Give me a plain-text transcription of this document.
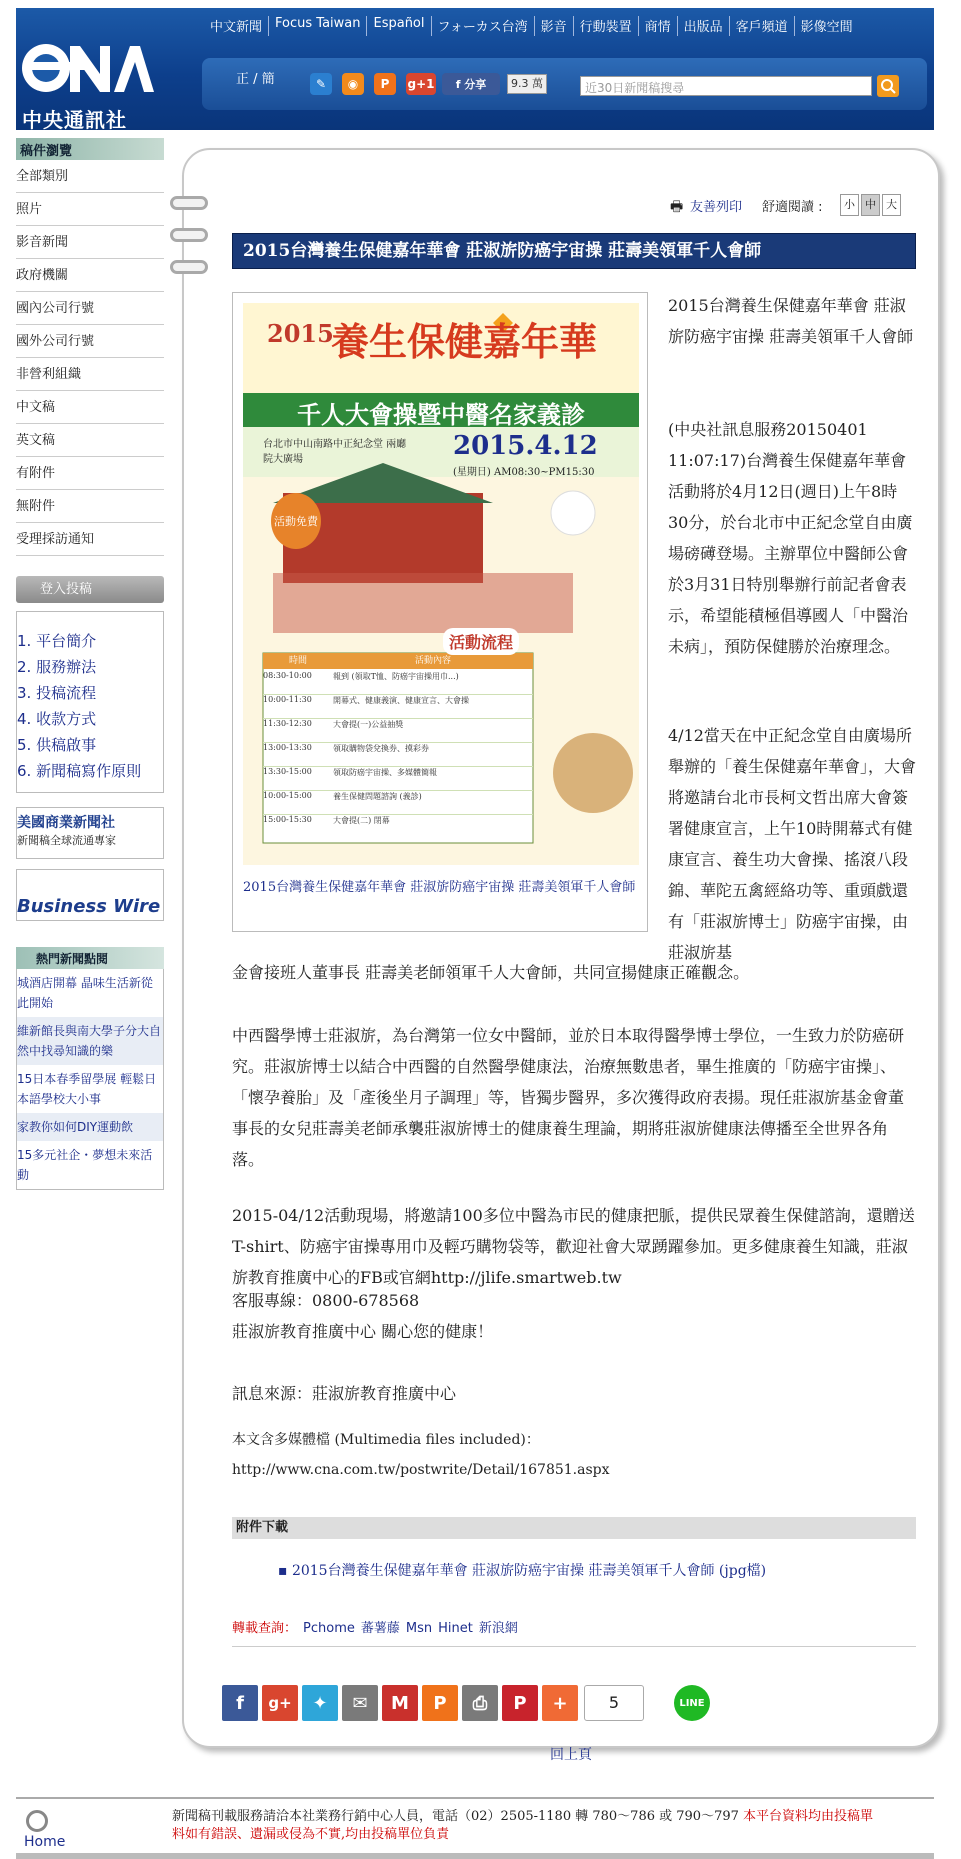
中央通訊社
中文新聞	Focus Taiwan	Español	フォーカス台湾	影音	行動裝置	商情	出版品	客戶頻道	影像空間
正 / 簡	✎	◉	P	g+1	f 分享	9.3 萬	近30日新聞稿搜尋
稿件瀏覽
全部類別
照片
影音新聞
政府機關
國內公司行號
國外公司行號
非營利組織
中文稿
英文稿
有附件
無附件
受理採訪通知
登入投稿
1. 平台簡介
2. 服務辦法
3. 投稿流程
4. 收款方式
5. 供稿啟事
6. 新聞稿寫作原則
美國商業新聞社
新聞稿全球流通專家
Business Wire
熱門新聞點閱
城酒店開幕 晶味生活新從此開始
維新館長與南大學子分大自然中找尋知識的樂
15日本春季留學展 輕鬆日本語學校大小事
家教你如何DIY運動飲
15多元社企・夢想未來活動
🖶 友善列印 舒適閱讀 :	小 中 大
2015台灣養生保健嘉年華會 莊淑旂防癌宇宙操 莊壽美領軍千人會師
2015
養生保健嘉年華
千人大會操暨中醫名家義診
台北市中山南路中正紀念堂 兩廳院大廣場	2015.4.12
(星期日) AM08:30~PM15:30
活動免費
活動流程
時間	活動內容
08:30-10:00	報到 (領取T恤、防癌宇宙操用巾...)
10:00-11:30	開幕式、健康義演、健康宣言、大會操
11:30-12:30	大會提(一)公益抽獎
13:00-13:30	領取購物袋兌換券、摸彩券
13:30-15:00	領取防癌宇宙操、多媒體簡報
10:00-15:00	養生保健問題諮詢 (義診)
15:00-15:30	大會提(二) 閉幕
2015台灣養生保健嘉年華會 莊淑旂防癌宇宙操 莊壽美領軍千人會師
2015台灣養生保健嘉年華會 莊淑旂防癌宇宙操 莊壽美領軍千人會師
(中央社訊息服務20150401 11:07:17)台灣養生保健嘉年華會活動將於4月12日(週日)上午8時30分，於台北市中正紀念堂自由廣場磅礡登場。主辦單位中醫師公會於3月31日特別舉辦行前記者會表示，希望能積極倡導國人「中醫治未病」，預防保健勝於治療理念。
4/12當天在中正紀念堂自由廣場所舉辦的「養生保健嘉年華會」，大會將邀請台北市長柯文哲出席大會簽署健康宣言，上午10時開幕式有健康宣言、養生功大會操、搖滾八段錦、華陀五禽經絡功等、重頭戲還有「莊淑旂博士」防癌宇宙操，由莊淑旂基
金會接班人董事長 莊壽美老師領軍千人大會師，共同宣揚健康正確觀念。
中西醫學博士莊淑旂，為台灣第一位女中醫師，並於日本取得醫學博士學位，一生致力於防癌研究。莊淑旂博士以結合中西醫的自然醫學健康法，治療無數患者，畢生推廣的「防癌宇宙操」、「懷孕養胎」及「產後坐月子調理」等，皆獨步醫界，多次獲得政府表揚。現任莊淑旂基金會董事長的女兒莊壽美老師承襲莊淑旂博士的健康養生理論，期將莊淑旂健康法傳播至全世界各角落。
2015-04/12活動現場，將邀請100多位中醫為市民的健康把脈，提供民眾養生保健諮詢，還贈送T-shirt、防癌宇宙操專用巾及輕巧購物袋等，歡迎社會大眾踴躍參加。更多健康養生知識，莊淑旂教育推廣中心的FB或官網http://jlife.smartweb.tw
客服專線：0800-678568
莊淑旂教育推廣中心 關心您的健康！
訊息來源：莊淑旂教育推廣中心
本文含多媒體檔 (Multimedia files included)：
http://www.cna.com.tw/postwrite/Detail/167851.aspx
附件下載
▪ 2015台灣養生保健嘉年華會 莊淑旂防癌宇宙操 莊壽美領軍千人會師 (jpg檔)
轉載查詢： Pchome 蕃薯藤 Msn Hinet 新浪網
f	g+	✦	✉	M	P	⎙	P	+	5	LINE
回上頁
Home
新聞稿刊載服務請洽本社業務行銷中心人員，電話（02）2505-1180 轉 780～786 或 790～797 本平台資料均由投稿單
料如有錯誤、遺漏或侵為不實,均由投稿單位負責
